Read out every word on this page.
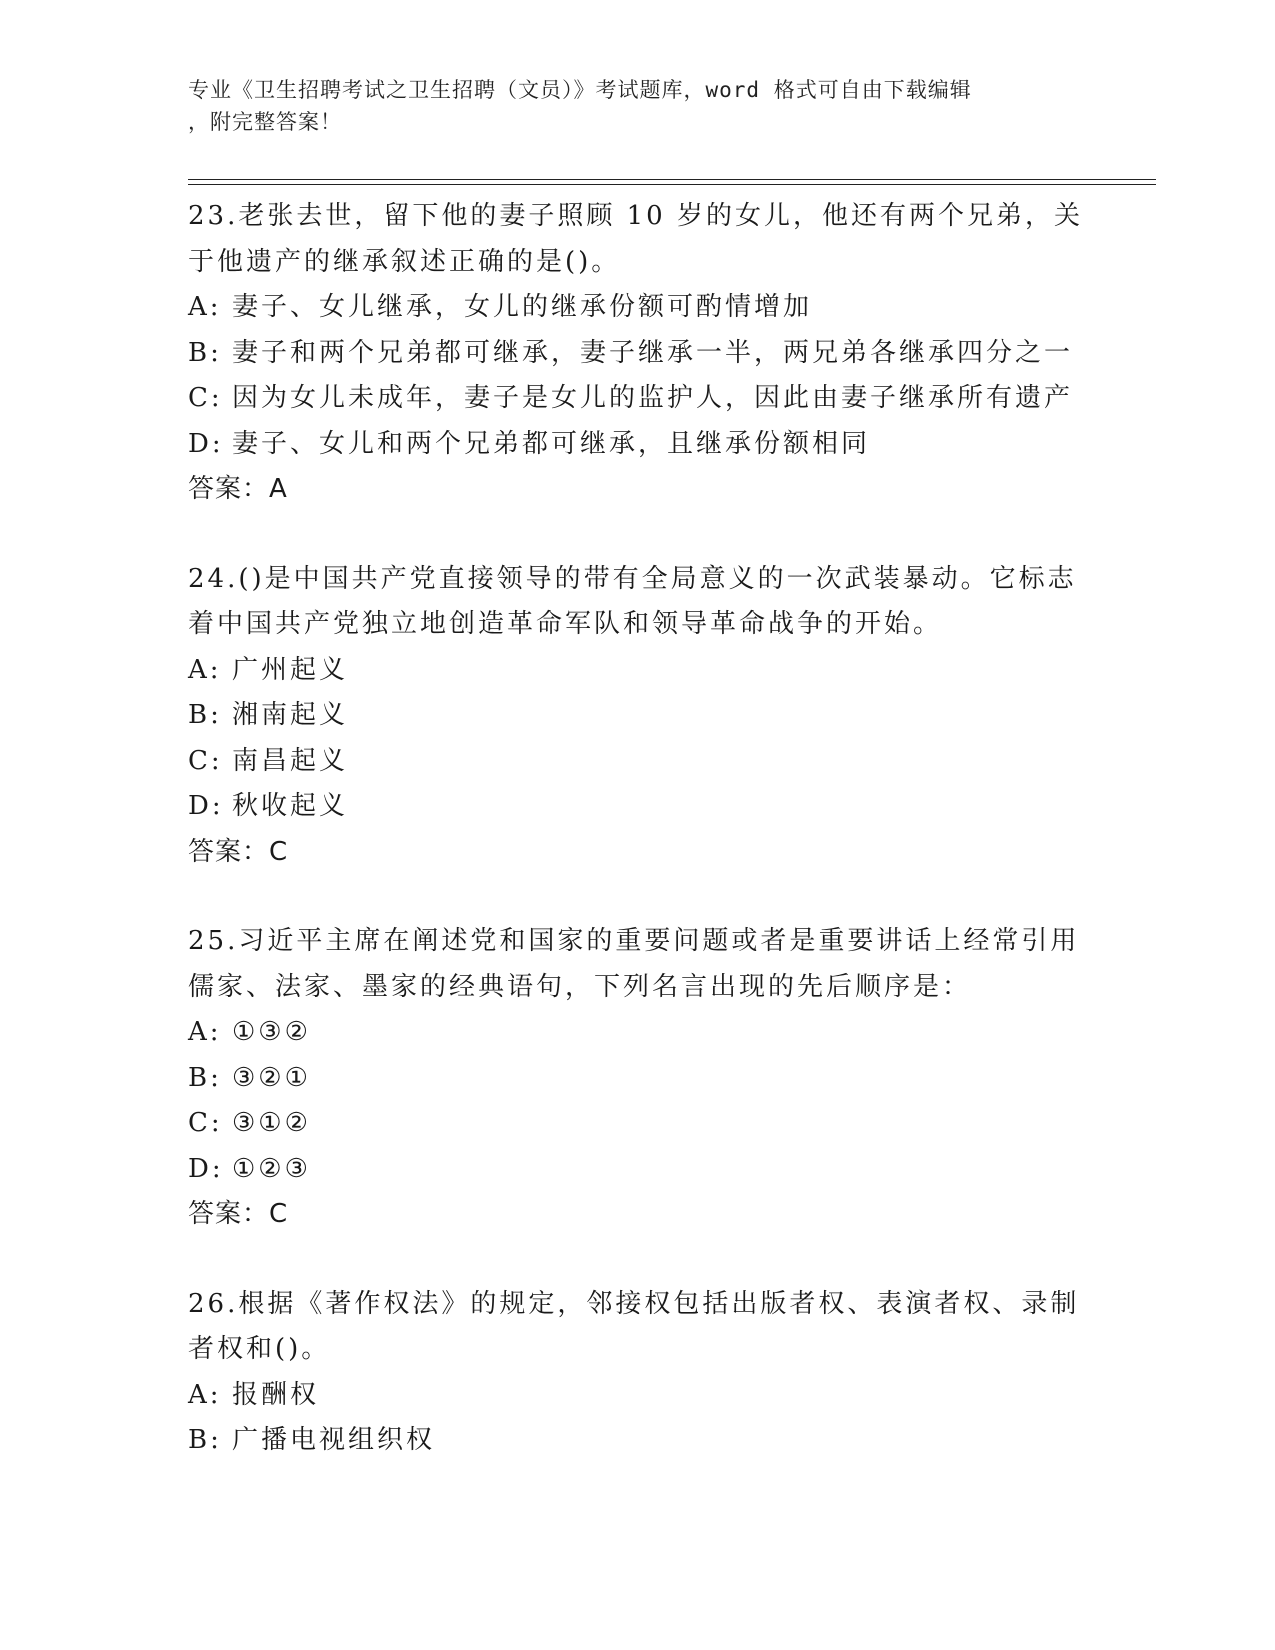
专业《卫生招聘考试之卫生招聘（文员）》考试题库，word 格式可自由下载编辑
，附完整答案！

23.老张去世，留下他的妻子照顾 10 岁的女儿，他还有两个兄弟，关

于他遗产的继承叙述正确的是()。

A: 妻子、女儿继承，女儿的继承份额可酌情增加

B: 妻子和两个兄弟都可继承，妻子继承一半，两兄弟各继承四分之一

C: 因为女儿未成年，妻子是女儿的监护人，因此由妻子继承所有遗产

D: 妻子、女儿和两个兄弟都可继承，且继承份额相同

答案：A

24.()是中国共产党直接领导的带有全局意义的一次武装暴动。它标志

着中国共产党独立地创造革命军队和领导革命战争的开始。

A: 广州起义

B: 湘南起义

C: 南昌起义

D: 秋收起义

答案：C

25.习近平主席在阐述党和国家的重要问题或者是重要讲话上经常引用

儒家、法家、墨家的经典语句，下列名言出现的先后顺序是：

A: ①③②

B: ③②①

C: ③①②

D: ①②③

答案：C

26.根据《著作权法》的规定，邻接权包括出版者权、表演者权、录制

者权和()。

A: 报酬权

B: 广播电视组织权
